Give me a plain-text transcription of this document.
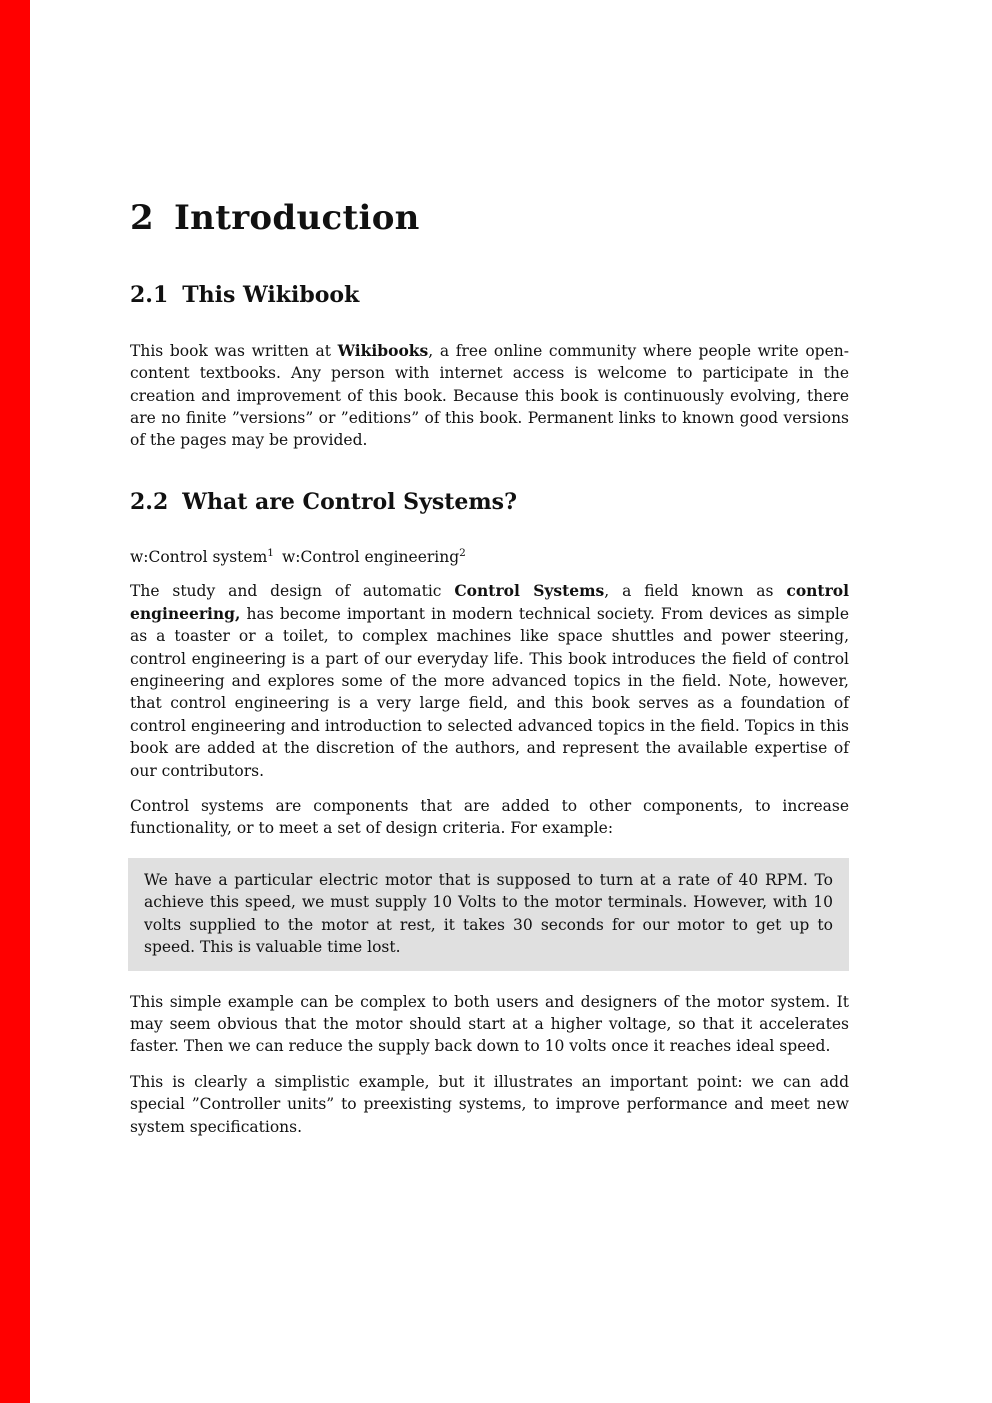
2 Introduction
2.1 This Wikibook

This book was written at Wikibooks, a free online community where people write open-content textbooks. Any person with internet access is welcome to participate in the creation and improvement of this book. Because this book is continuously evolving, there are no finite ”versions” or ”editions” of this book. Permanent links to known good versions of the pages may be provided.

2.2 What are Control Systems?

w:Control system$^1$ w:Control engineering$^2$

The study and design of automatic Control Systems, a field known as control engineering, has become important in modern technical society. From devices as simple as a toaster or a toilet, to complex machines like space shuttles and power steering, control engineering is a part of our everyday life. This book introduces the field of control engineering and explores some of the more advanced topics in the field. Note, however, that control engineering is a very large field, and this book serves as a foundation of control engineering and introduction to selected advanced topics in the field. Topics in this book are added at the discretion of the authors, and represent the available expertise of our contributors.

Control systems are components that are added to other components, to increase functionality, or to meet a set of design criteria. For example:

We have a particular electric motor that is supposed to turn at a rate of 40 RPM. To achieve this speed, we must supply 10 Volts to the motor terminals. However, with 10 volts supplied to the motor at rest, it takes 30 seconds for our motor to get up to speed. This is valuable time lost.

This simple example can be complex to both users and designers of the motor system. It may seem obvious that the motor should start at a higher voltage, so that it accelerates faster. Then we can reduce the supply back down to 10 volts once it reaches ideal speed.

This is clearly a simplistic example, but it illustrates an important point: we can add special ”Controller units” to preexisting systems, to improve performance and meet new system specifications.
